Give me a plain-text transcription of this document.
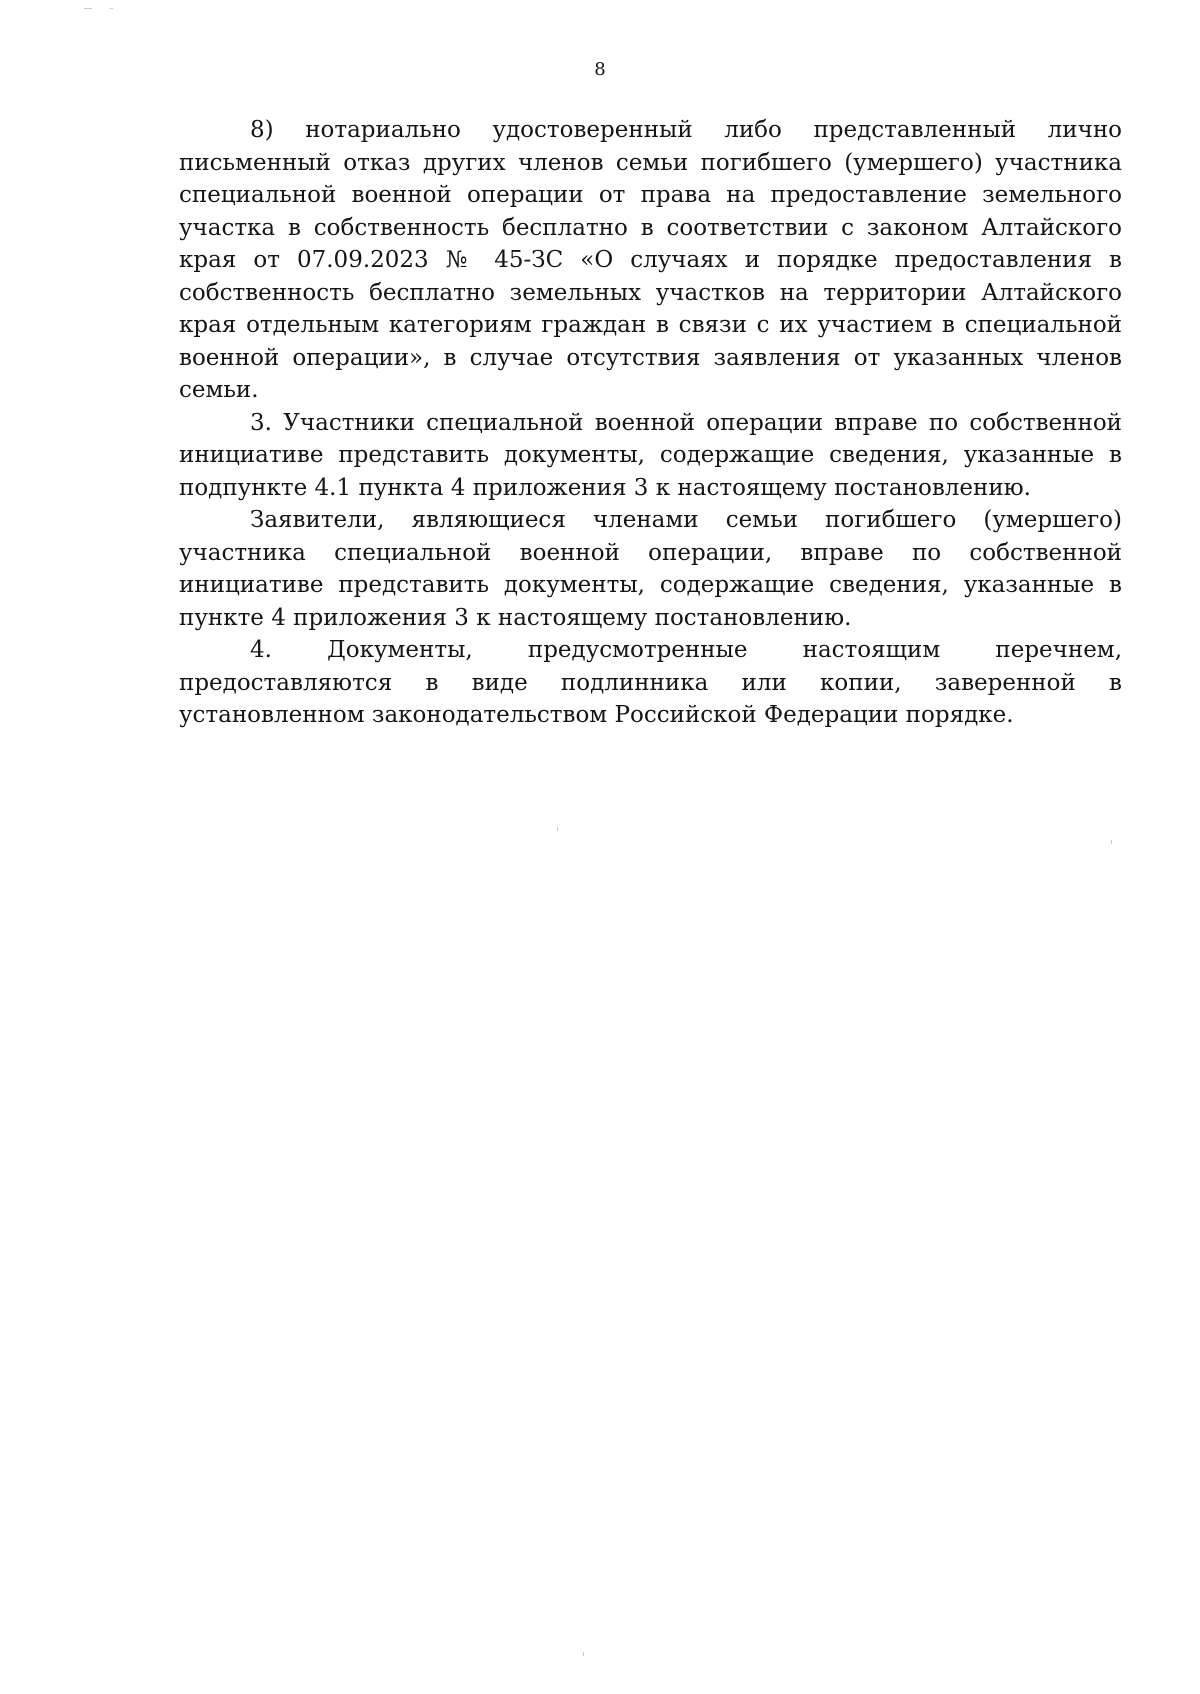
8

8) нотариально удостоверенный либо представленный лично письменный отказ других членов семьи погибшего (умершего) участника специальной военной операции от права на предоставление земельного участка в собственность бесплатно в соответствии с законом Алтайского края от 07.09.2023 № 45-ЗС «О случаях и порядке предоставления в собственность бесплатно земельных участков на территории Алтайского края отдельным категориям граждан в связи с их участием в специальной военной операции», в случае отсутствия заявления от указанных членов семьи.

3. Участники специальной военной операции вправе по собственной инициативе представить документы, содержащие сведения, указанные в подпункте 4.1 пункта 4 приложения 3 к настоящему постановлению.

Заявители, являющиеся членами семьи погибшего (умершего) участника специальной военной операции, вправе по собственной инициативе представить документы, содержащие сведения, указанные в пункте 4 приложения 3 к настоящему постановлению.

4. Документы, предусмотренные настоящим перечнем, предоставляются в виде подлинника или копии, заверенной в установленном законодательством Российской Федерации порядке.
